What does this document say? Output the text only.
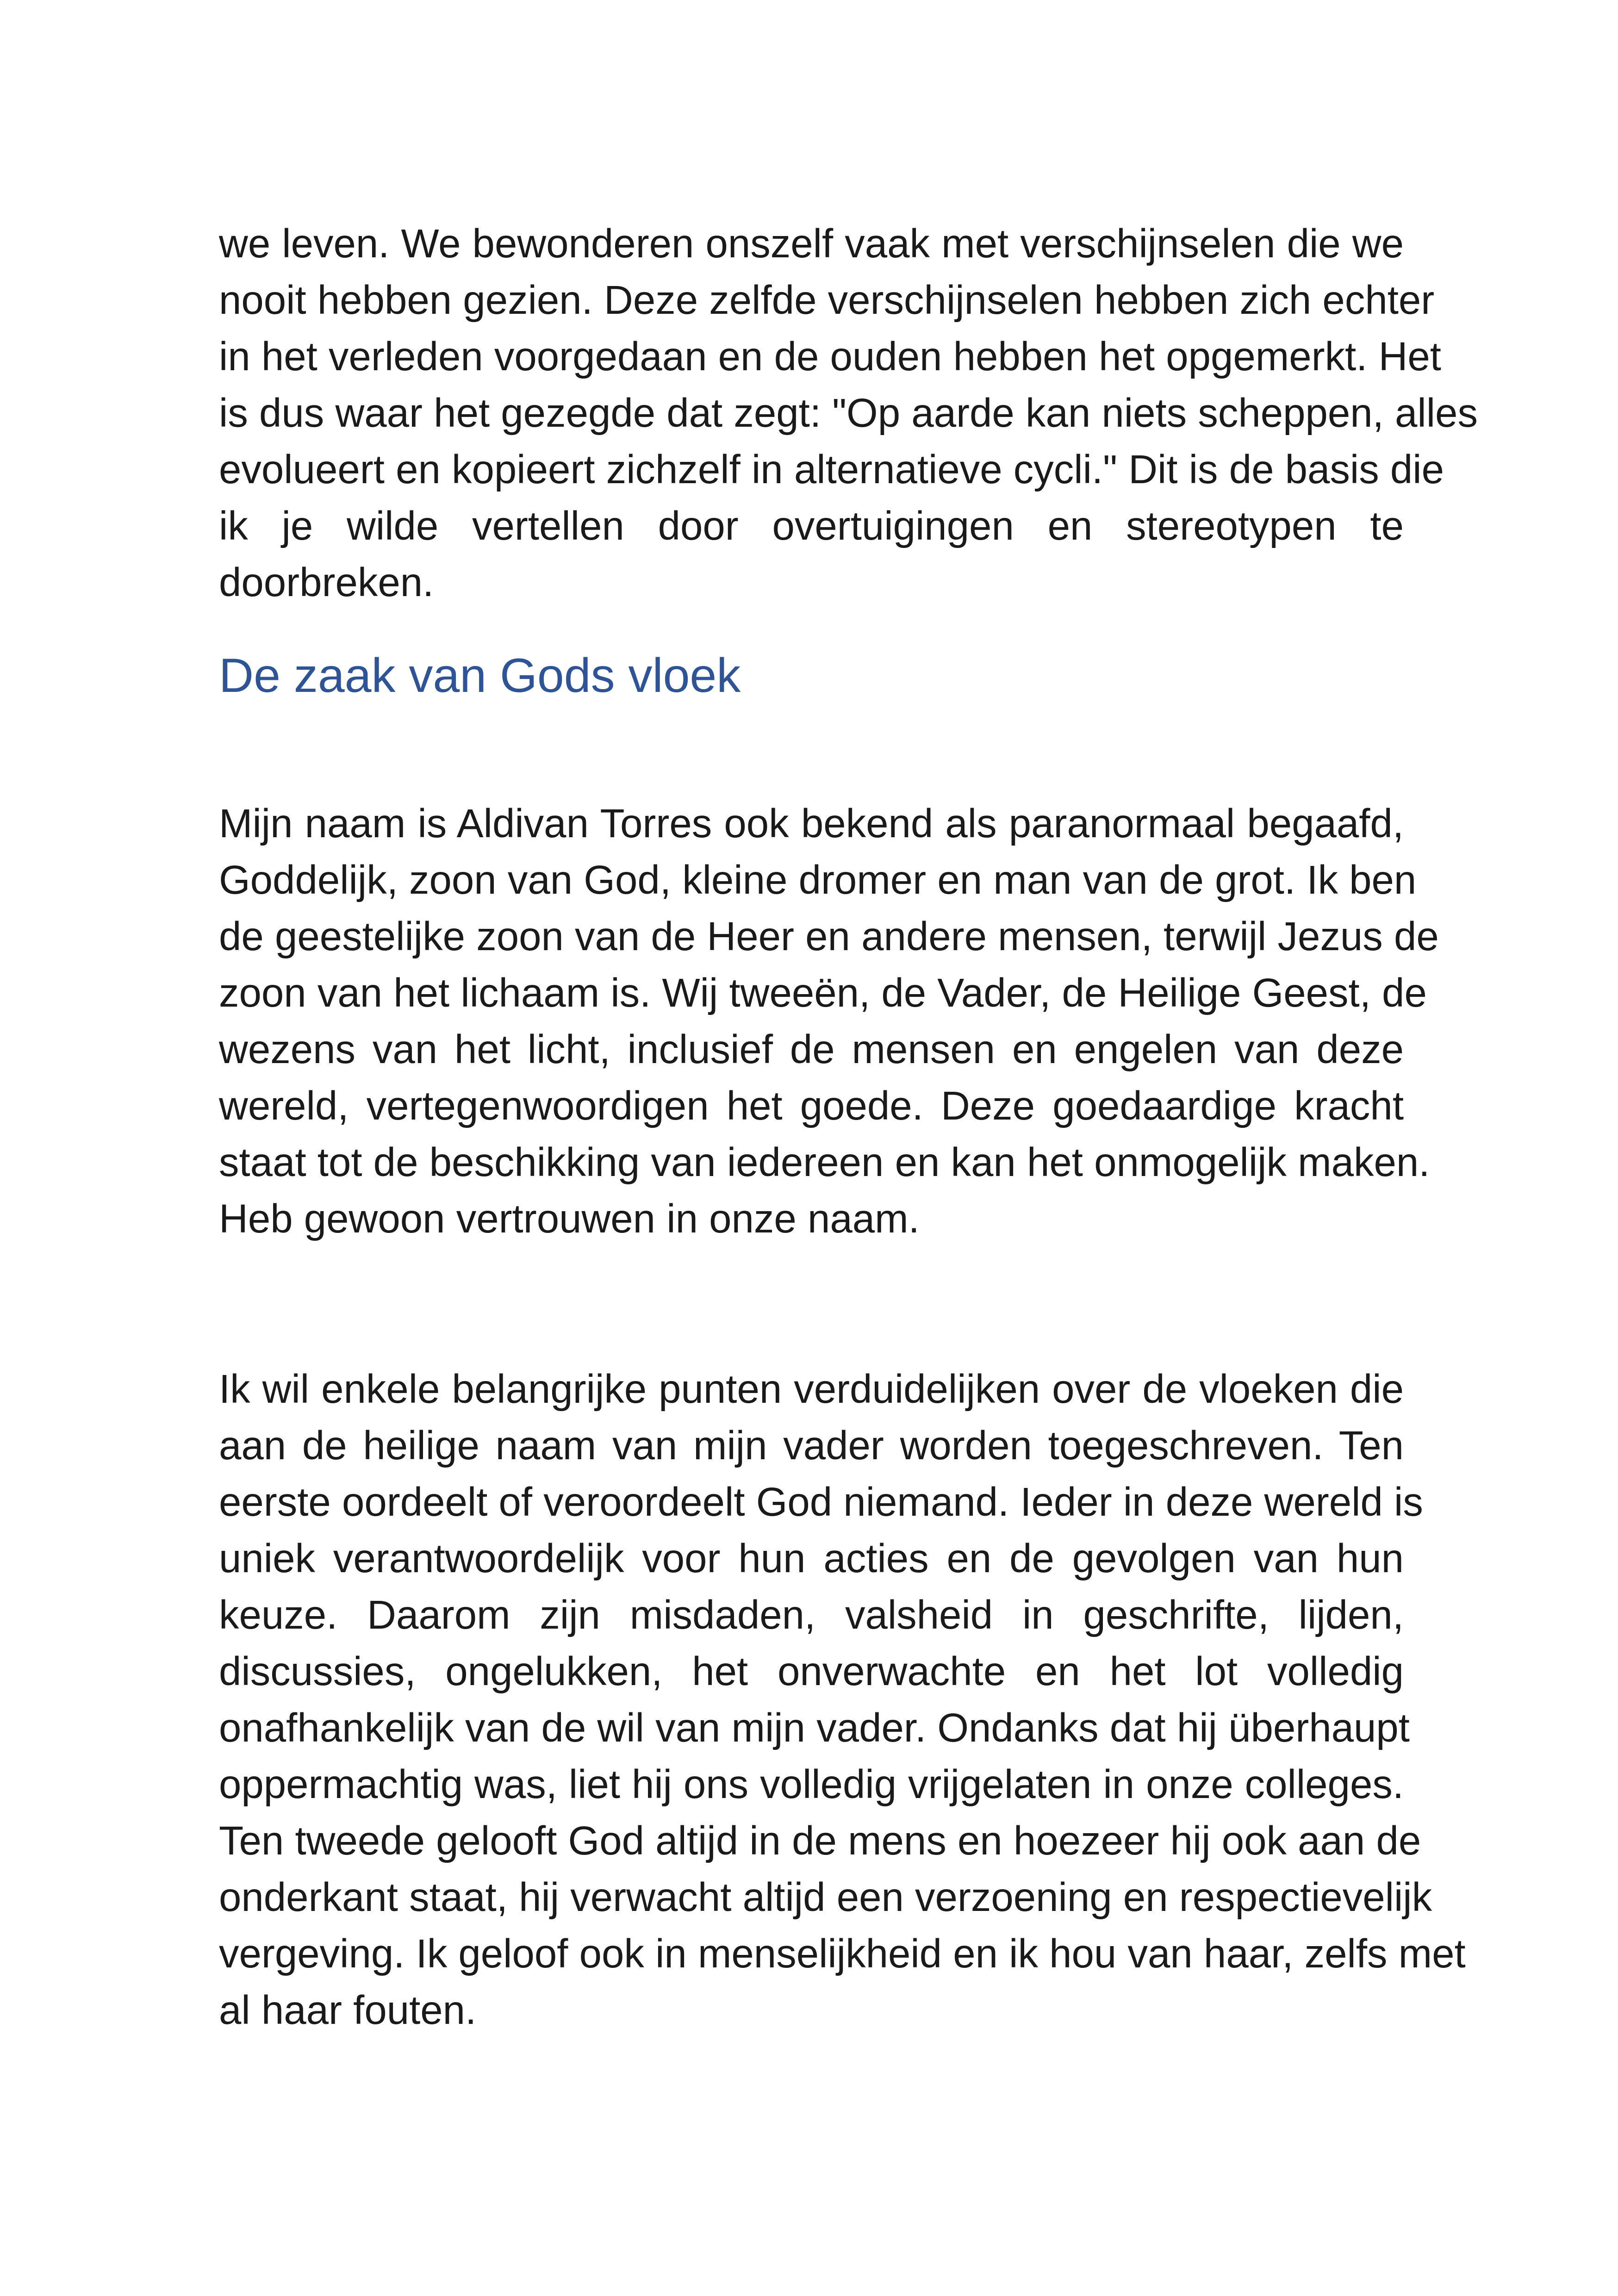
we leven. We bewonderen onszelf vaak met verschijnselen die we
nooit hebben gezien. Deze zelfde verschijnselen hebben zich echter
in het verleden voorgedaan en de ouden hebben het opgemerkt. Het
is dus waar het gezegde dat zegt: "Op aarde kan niets scheppen, alles
evolueert en kopieert zichzelf in alternatieve cycli." Dit is de basis die
ik je wilde vertellen door overtuigingen en stereotypen te
doorbreken.

De zaak van Gods vloek

Mijn naam is Aldivan Torres ook bekend als paranormaal begaafd,
Goddelijk, zoon van God, kleine dromer en man van de grot. Ik ben
de geestelijke zoon van de Heer en andere mensen, terwijl Jezus de
zoon van het lichaam is. Wij tweeën, de Vader, de Heilige Geest, de
wezens van het licht, inclusief de mensen en engelen van deze
wereld, vertegenwoordigen het goede. Deze goedaardige kracht
staat tot de beschikking van iedereen en kan het onmogelijk maken.
Heb gewoon vertrouwen in onze naam.

Ik wil enkele belangrijke punten verduidelijken over de vloeken die
aan de heilige naam van mijn vader worden toegeschreven. Ten
eerste oordeelt of veroordeelt God niemand. Ieder in deze wereld is
uniek verantwoordelijk voor hun acties en de gevolgen van hun
keuze. Daarom zijn misdaden, valsheid in geschrifte, lijden,
discussies, ongelukken, het onverwachte en het lot volledig
onafhankelijk van de wil van mijn vader. Ondanks dat hij überhaupt
oppermachtig was, liet hij ons volledig vrijgelaten in onze colleges.
Ten tweede gelooft God altijd in de mens en hoezeer hij ook aan de
onderkant staat, hij verwacht altijd een verzoening en respectievelijk
vergeving. Ik geloof ook in menselijkheid en ik hou van haar, zelfs met
al haar fouten.
